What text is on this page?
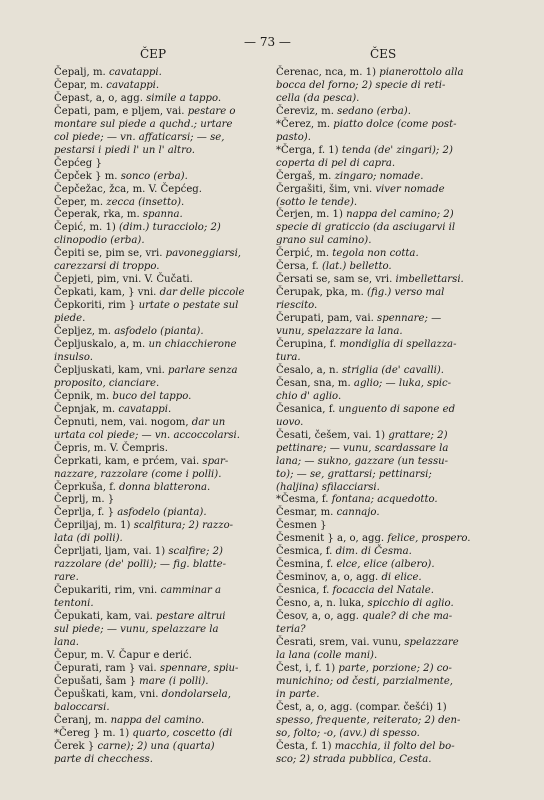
ČEP
— 73 —
ČES
Čepalj, m. cavatappi.
Čepar, m. cavatappi.
Čepast, a, o, agg. simile a tappo.
Čepati, pam, e pljem, vai. pestare o
montare sul piede a quchd.; urtare
col piede; — vn. affaticarsi; — se,
pestarsi i piedi l' un l' altro.
Čepćeg }
Čepček } m. sonco (erba).
Čepčežac, žca, m. V. Čepćeg.
Čeper, m. zecca (insetto).
Čeperak, rka, m. spanna.
Čepić, m. 1) (dim.) turacciolo; 2)
clinopodio (erba).
Čepiti se, pim se, vri. pavoneggiarsi,
carezzarsi di troppo.
Čepjeti, pim, vni. V. Čučati.
Čepkati, kam, } vni. dar delle piccole
Čepkoriti, rim } urtate o pestate sul
piede.
Čepljez, m. asfodelo (pianta).
Čepljuskalo, a, m. un chiacchierone
insulso.
Čepljuskati, kam, vni. parlare senza
proposito, cianciare.
Čepnik, m. buco del tappo.
Čepnjak, m. cavatappi.
Čepnuti, nem, vai. nogom, dar un
urtata col piede; — vn. accoccolarsi.
Čepris, m. V. Čempris.
Čeprkati, kam, e prćem, vai. spar-
nazzare, razzolare (come i polli).
Čeprkuša, f. donna blatterona.
Čeprlj, m. }
Čeprlja, f. } asfodelo (pianta).
Čepriljaj, m. 1) scalfitura; 2) razzo-
lata (di polli).
Čeprljati, ljam, vai. 1) scalfire; 2)
razzolare (de' polli); — fig. blatte-
rare.
Čepukariti, rim, vni. camminar a
tentoni.
Čepukati, kam, vai. pestare altrui
sul piede; — vunu, spelazzare la
lana.
Čepur, m. V. Čapur e derić.
Čepurati, ram } vai. spennare, spiu-
Čepušati, šam } mare (i polli).
Čepuškati, kam, vni. dondolarsela,
baloccarsi.
Čeranj, m. nappa del camino.
*Čereg } m. 1) quarto, coscetto (di
Čerek } carne); 2) una (quarta)
parte di checchess.
Čerenac, nca, m. 1) pianerottolo alla
bocca del forno; 2) specie di reti-
cella (da pesca).
Čereviz, m. sedano (erba).
*Čerez, m. piatto dolce (come post-
pasto).
*Čerga, f. 1) tenda (de' zingari); 2)
coperta di pel di capra.
Čergaš, m. zingaro; nomade.
Čergašiti, šim, vni. viver nomade
(sotto le tende).
Čerjen, m. 1) nappa del camino; 2)
specie di graticcio (da asciugarvi il
grano sul camino).
Čerpić, m. tegola non cotta.
Čersa, f. (lat.) belletto.
Čersati se, sam se, vri. imbellettarsi.
Čerupak, pka, m. (fig.) verso mal
riescito.
Čerupati, pam, vai. spennare; —
vunu, spelazzare la lana.
Čerupina, f. mondiglia di spellazza-
tura.
Česalo, a, n. striglia (de' cavalli).
Česan, sna, m. aglio; — luka, spic-
chio d' aglio.
Česanica, f. unguento di sapone ed
uovo.
Česati, češem, vai. 1) grattare; 2)
pettinare; — vunu, scardassare la
lana; — sukno, gazzare (un tessu-
to); — se, grattarsi; pettinarsi;
(haljina) sfilacciarsi.
*Česma, f. fontana; acquedotto.
Česmar, m. cannajo.
Česmen }
Česmenit } a, o, agg. felice, prospero.
Česmica, f. dim. di Česma.
Česmina, f. elce, elice (albero).
Česminov, a, o, agg. di elice.
Česnica, f. focaccia del Natale.
Česno, a, n. luka, spicchio di aglio.
Česov, a, o, agg. quale? di che ma-
teria?
Česrati, srem, vai. vunu, spelazzare
la lana (colle mani).
Čest, i, f. 1) parte, porzione; 2) co-
munichino; od česti, parzialmente,
in parte.
Čest, a, o, agg. (compar. češći) 1)
spesso, frequente, reiterato; 2) den-
so, folto; -o, (avv.) di spesso.
Česta, f. 1) macchia, il folto del bo-
sco; 2) strada pubblica, Cesta.
